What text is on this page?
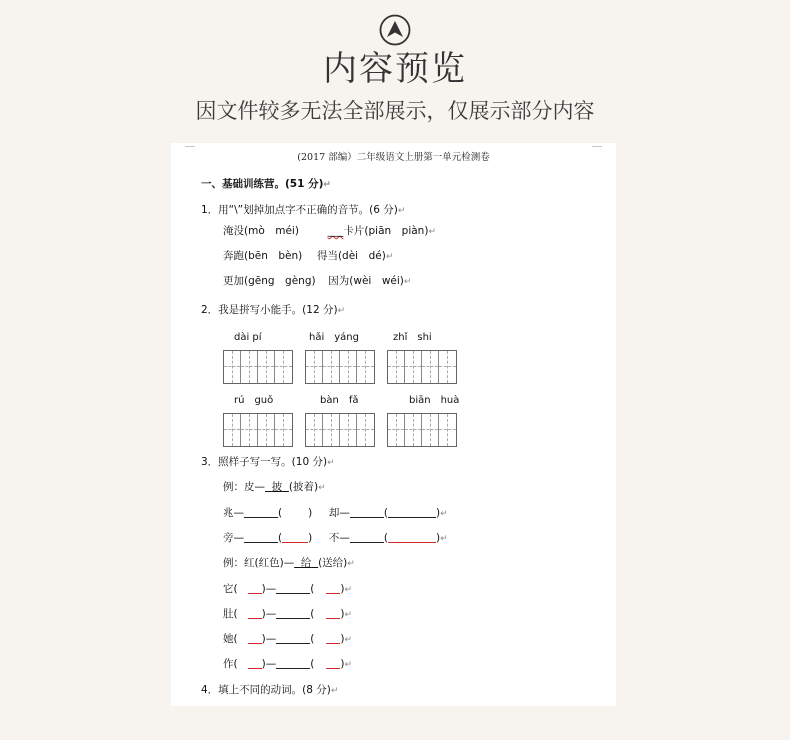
内容预览
因文件较多无法全部展示，仅展示部分内容
(2017 部编）二年级语文上册第一单元检测卷
一、基础训练营。(51 分)↵
1．用“\”划掉加点字不正确的音节。(6 分)↵
淹没(mò　méi)	___卡片(piān　piàn)↵
奔跑(bēn　bèn) 得当(dèi　dé)↵
更加(gēng　gèng) 因为(wèi　wéi)↵
2．我是拼写小能手。(12 分)↵
dài pí	hǎi　yáng	zhǐ　shi
rú　guǒ	bàn　fǎ	biān　huà
3．照样子写一写。(10 分)↵
例：皮— 披 (披着)↵
兆—	( )  却—	(	)↵
旁—	( )  不—	(	)↵
例：红(红色)— 给 (送给)↵
它( )—	( )↵
肚( )—	( )↵
她( )—	( )↵
作( )—	( )↵
4．填上不同的动词。(8 分)↵
